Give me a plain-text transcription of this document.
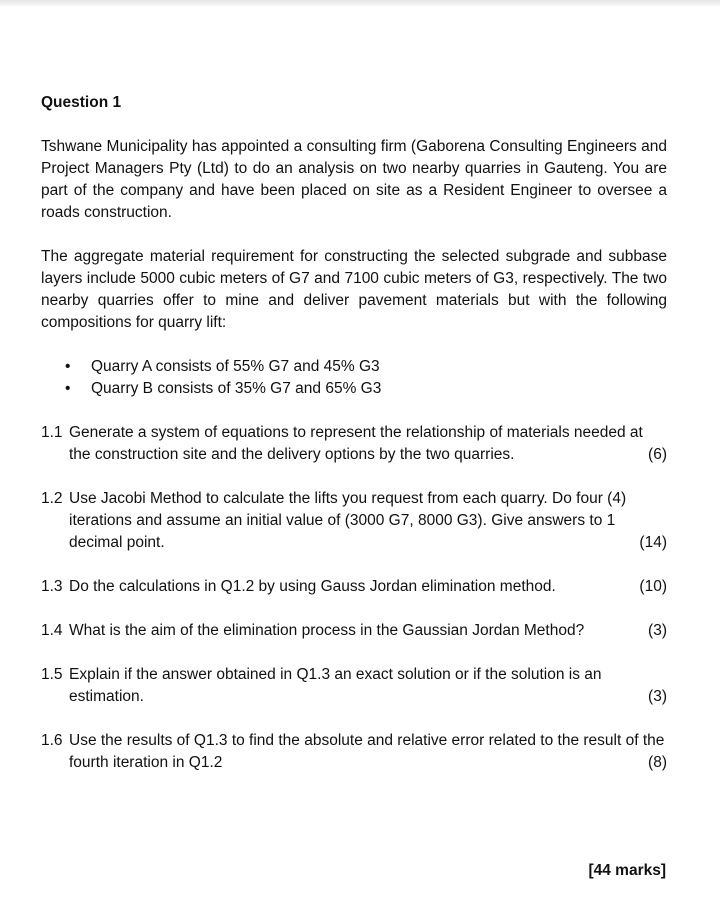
Question 1

Tshwane Municipality has appointed a consulting firm (Gaborena Consulting Engineers and Project Managers Pty (Ltd) to do an analysis on two nearby quarries in Gauteng. You are part of the company and have been placed on site as a Resident Engineer to oversee a roads construction.

The aggregate material requirement for constructing the selected subgrade and subbase layers include 5000 cubic meters of G7 and 7100 cubic meters of G3, respectively. The two nearby quarries offer to mine and deliver pavement materials but with the following compositions for quarry lift:

• Quarry A consists of 55% G7 and 45% G3
• Quarry B consists of 35% G7 and 65% G3
1.1 Generate a system of equations to represent the relationship of materials needed at the construction site and the delivery options by the two quarries.	(6)
1.2 Use Jacobi Method to calculate the lifts you request from each quarry. Do four (4) iterations and assume an initial value of (3000 G7, 8000 G3). Give answers to 1 decimal point.	(14)
1.3 Do the calculations in Q1.2 by using Gauss Jordan elimination method.	(10)
1.4 What is the aim of the elimination process in the Gaussian Jordan Method?	(3)
1.5 Explain if the answer obtained in Q1.3 an exact solution or if the solution is an estimation.	(3)
1.6 Use the results of Q1.3 to find the absolute and relative error related to the result of the fourth iteration in Q1.2	(8)
[44 marks]
